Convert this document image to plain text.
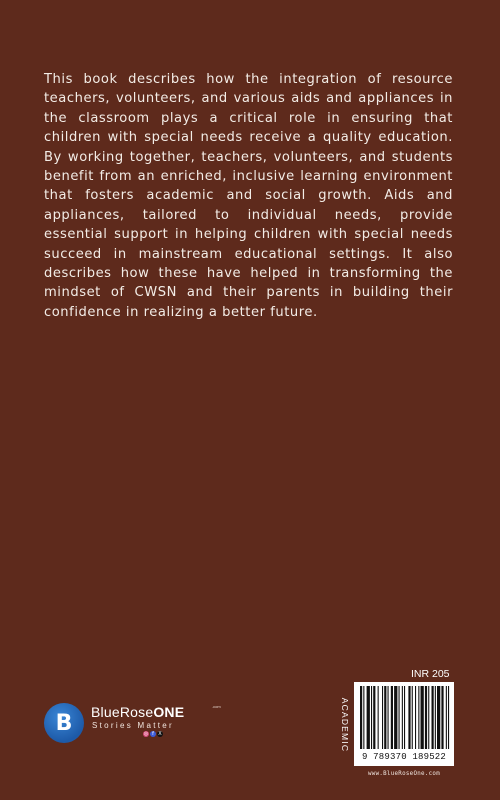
This book describes how the integration of resource teachers, volunteers, and various aids and appliances in the classroom plays a critical role in ensuring that children with special needs receive a quality education. By working together, teachers, volunteers, and students benefit from an enriched, inclusive learning environment that fosters academic and social growth. Aids and appliances, tailored to individual needs, provide essential support in helping children with special needs succeed in mainstream educational settings. It also describes how these have helped in transforming the mindset of CWSN and their parents in building their confidence in realizing a better future.

B	BlueRoseONE	.com
Stories Matter
◎ f X
INR 205
ACADEMIC
9 789370 189522
www.BlueRoseOne.com
